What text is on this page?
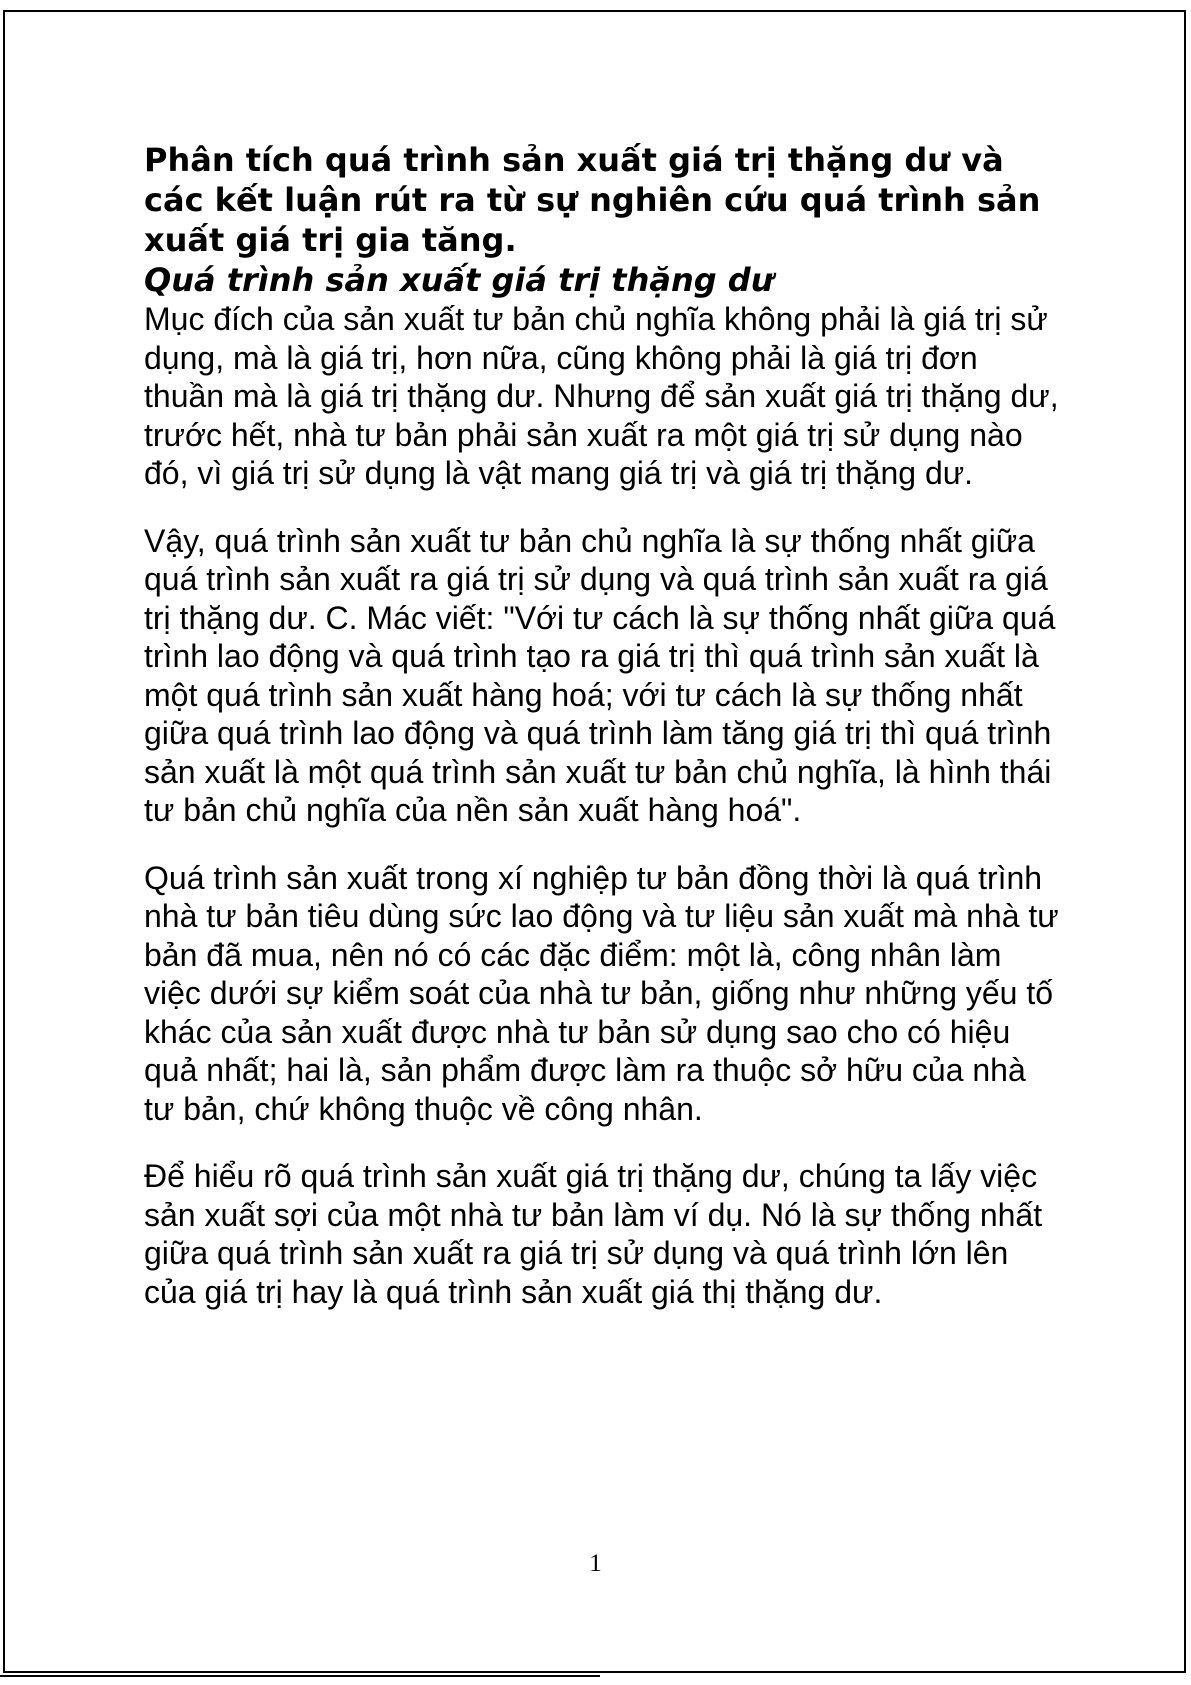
Phân tích quá trình sản xuất giá trị thặng dư và các kết luận rút ra từ sự nghiên cứu quá trình sản xuất giá trị gia tăng.
Quá trình sản xuất giá trị thặng dư

Mục đích của sản xuất tư bản chủ nghĩa không phải là giá trị sử dụng, mà là giá trị, hơn nữa, cũng không phải là giá trị đơn thuần mà là giá trị thặng dư. Nhưng để sản xuất giá trị thặng dư, trước hết, nhà tư bản phải sản xuất ra một giá trị sử dụng nào đó, vì giá trị sử dụng là vật mang giá trị và giá trị thặng dư.

Vậy, quá trình sản xuất tư bản chủ nghĩa là sự thống nhất giữa quá trình sản xuất ra giá trị sử dụng và quá trình sản xuất ra giá trị thặng dư. C. Mác viết: "Với tư cách là sự thống nhất giữa quá trình lao động và quá trình tạo ra giá trị thì quá trình sản xuất là một quá trình sản xuất hàng hoá; với tư cách là sự thống nhất giữa quá trình lao động và quá trình làm tăng giá trị thì quá trình sản xuất là một quá trình sản xuất tư bản chủ nghĩa, là hình thái tư bản chủ nghĩa của nền sản xuất hàng hoá".

Quá trình sản xuất trong xí nghiệp tư bản đồng thời là quá trình nhà tư bản tiêu dùng sức lao động và tư liệu sản xuất mà nhà tư bản đã mua, nên nó có các đặc điểm: một là, công nhân làm việc dưới sự kiểm soát của nhà tư bản, giống như những yếu tố khác của sản xuất được nhà tư bản sử dụng sao cho có hiệu quả nhất; hai là, sản phẩm được làm ra thuộc sở hữu của nhà tư bản, chứ không thuộc về công nhân.

Để hiểu rõ quá trình sản xuất giá trị thặng dư, chúng ta lấy việc sản xuất sợi của một nhà tư bản làm ví dụ. Nó là sự thống nhất giữa quá trình sản xuất ra giá trị sử dụng và quá trình lớn lên của giá trị hay là quá trình sản xuất giá thị thặng dư.

1
